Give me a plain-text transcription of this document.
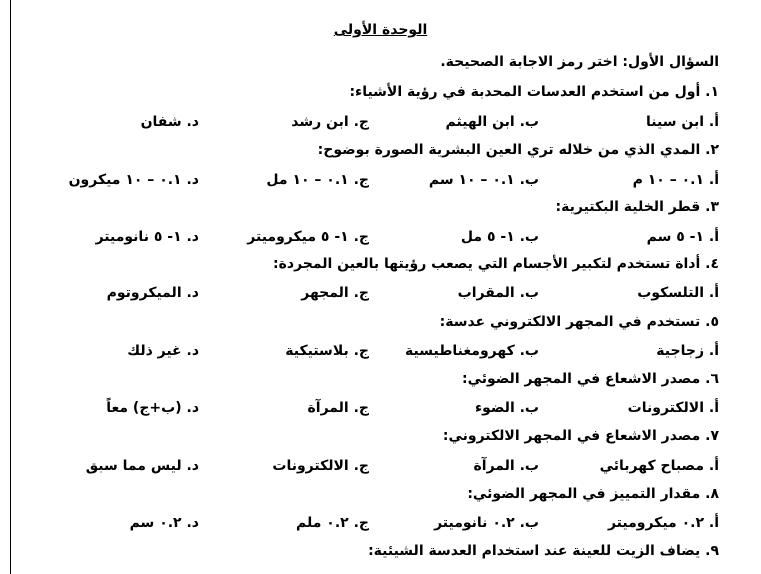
الوحدة الأولى
السؤال الأول: اختر رمز الاجابة الصحيحة.
١. أول من استخدم العدسات المحدبة في رؤية الأشياء:
أ. ابن سينا
ب. ابن الهيثم
ج. ابن رشد
د. شفان
٢. المدي الذي من خلاله تري العين البشرية الصورة بوضوح:
أ. ٠.١ – ١٠ م
ب. ٠.١ – ١٠ سم
ج. ٠.١ – ١٠ مل
د. ٠.١ – ١٠ ميكرون
٣. قطر الخلية البكتيرية:
أ. ١- ٥ سم
ب. ١- ٥ مل
ج. ١- ٥ ميكروميتر
د. ١- ٥ نانوميتر
٤. أداة تستخدم لتكبير الأجسام التي يصعب رؤيتها بالعين المجردة:
أ. التلسكوب
ب. المقراب
ج. المجهر
د. الميكروتوم
٥. تستخدم في المجهر الالكتروني عدسة:
أ. زجاجية
ب. كهرومغناطيسية
ج. بلاستيكية
د. غير ذلك
٦. مصدر الاشعاع في المجهر الضوئي:
أ. الالكترونات
ب. الضوء
ج. المرآة
د. (ب+ج) معاً
٧. مصدر الاشعاع في المجهر الالكتروني:
أ. مصباح كهربائي
ب. المرآة
ج. الالكترونات
د. ليس مما سبق
٨. مقدار التمييز في المجهر الضوئي:
أ. ٠.٢ ميكروميتر
ب. ٠.٢ نانوميتر
ج. ٠.٢ ملم
د. ٠.٢ سم
٩. يضاف الزيت للعينة عند استخدام العدسة الشيئية:
